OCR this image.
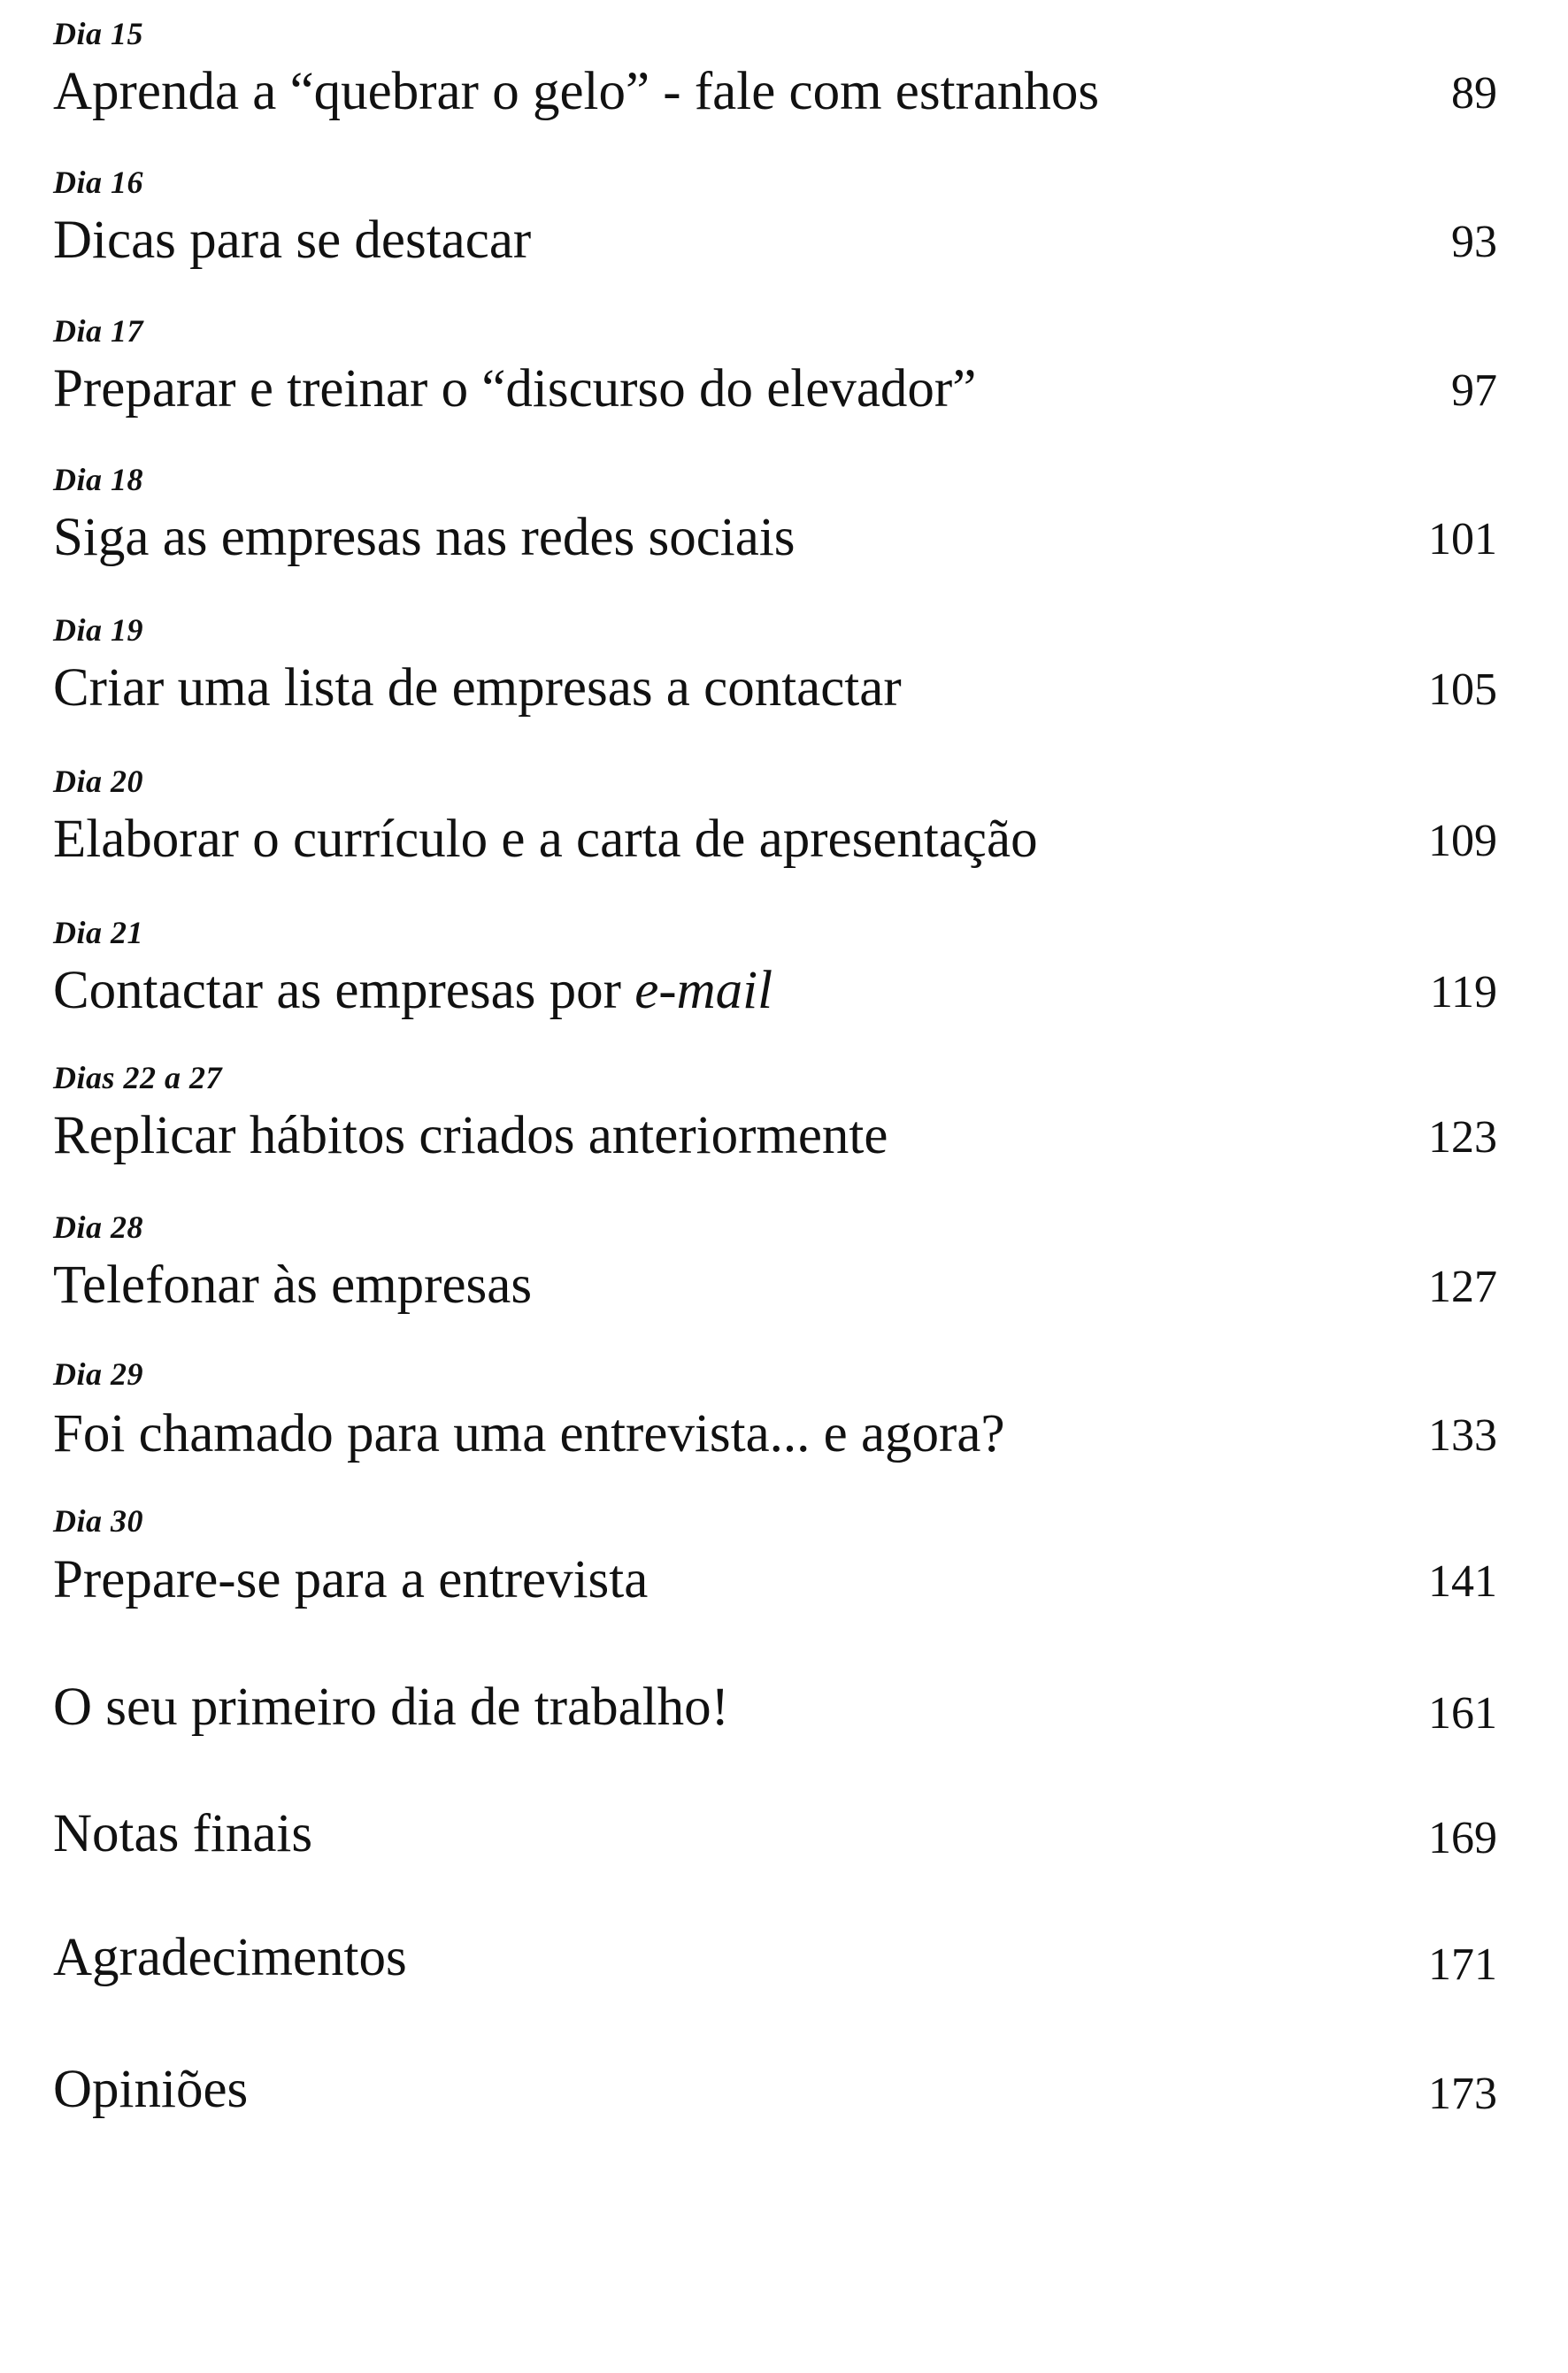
Dia 15
Aprenda a “quebrar o gelo” - fale com estranhos	89
Dia 16
Dicas para se destacar	93
Dia 17
Preparar e treinar o “discurso do elevador”	97
Dia 18
Siga as empresas nas redes sociais	101
Dia 19
Criar uma lista de empresas a contactar	105
Dia 20
Elaborar o currículo e a carta de apresentação	109
Dia 21
Contactar as empresas por e-mail	119
Dias 22 a 27
Replicar hábitos criados anteriormente	123
Dia 28
Telefonar às empresas	127
Dia 29
Foi chamado para uma entrevista... e agora?	133
Dia 30
Prepare-se para a entrevista	141
O seu primeiro dia de trabalho!	161
Notas finais	169
Agradecimentos	171
Opiniões	173
